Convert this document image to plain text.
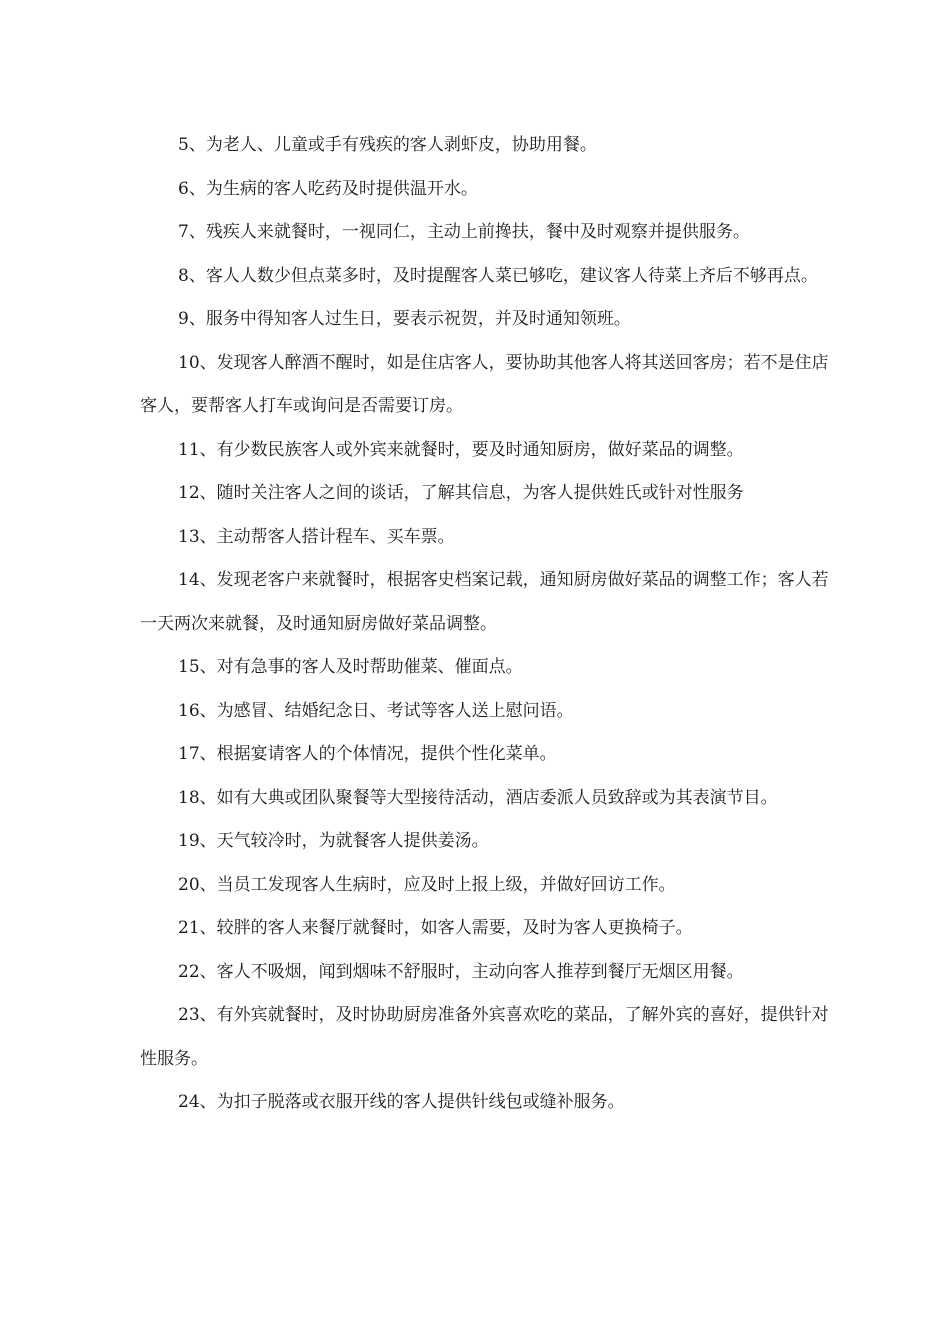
5、为老人、儿童或手有残疾的客人剥虾皮，协助用餐。

6、为生病的客人吃药及时提供温开水。

7、残疾人来就餐时，一视同仁，主动上前搀扶，餐中及时观察并提供服务。

8、客人人数少但点菜多时，及时提醒客人菜已够吃，建议客人待菜上齐后不够再点。

9、服务中得知客人过生日，要表示祝贺，并及时通知领班。

10、发现客人醉酒不醒时，如是住店客人，要协助其他客人将其送回客房；若不是住店客人，要帮客人打车或询问是否需要订房。

11、有少数民族客人或外宾来就餐时，要及时通知厨房，做好菜品的调整。

12、随时关注客人之间的谈话，了解其信息，为客人提供姓氏或针对性服务

13、主动帮客人搭计程车、买车票。

14、发现老客户来就餐时，根据客史档案记载，通知厨房做好菜品的调整工作；客人若一天两次来就餐，及时通知厨房做好菜品调整。

15、对有急事的客人及时帮助催菜、催面点。

16、为感冒、结婚纪念日、考试等客人送上慰问语。

17、根据宴请客人的个体情况，提供个性化菜单。

18、如有大典或团队聚餐等大型接待活动，酒店委派人员致辞或为其表演节目。

19、天气较冷时，为就餐客人提供姜汤。

20、当员工发现客人生病时，应及时上报上级，并做好回访工作。

21、较胖的客人来餐厅就餐时，如客人需要，及时为客人更换椅子。

22、客人不吸烟，闻到烟味不舒服时，主动向客人推荐到餐厅无烟区用餐。

23、有外宾就餐时，及时协助厨房准备外宾喜欢吃的菜品，了解外宾的喜好，提供针对性服务。

24、为扣子脱落或衣服开线的客人提供针线包或缝补服务。
